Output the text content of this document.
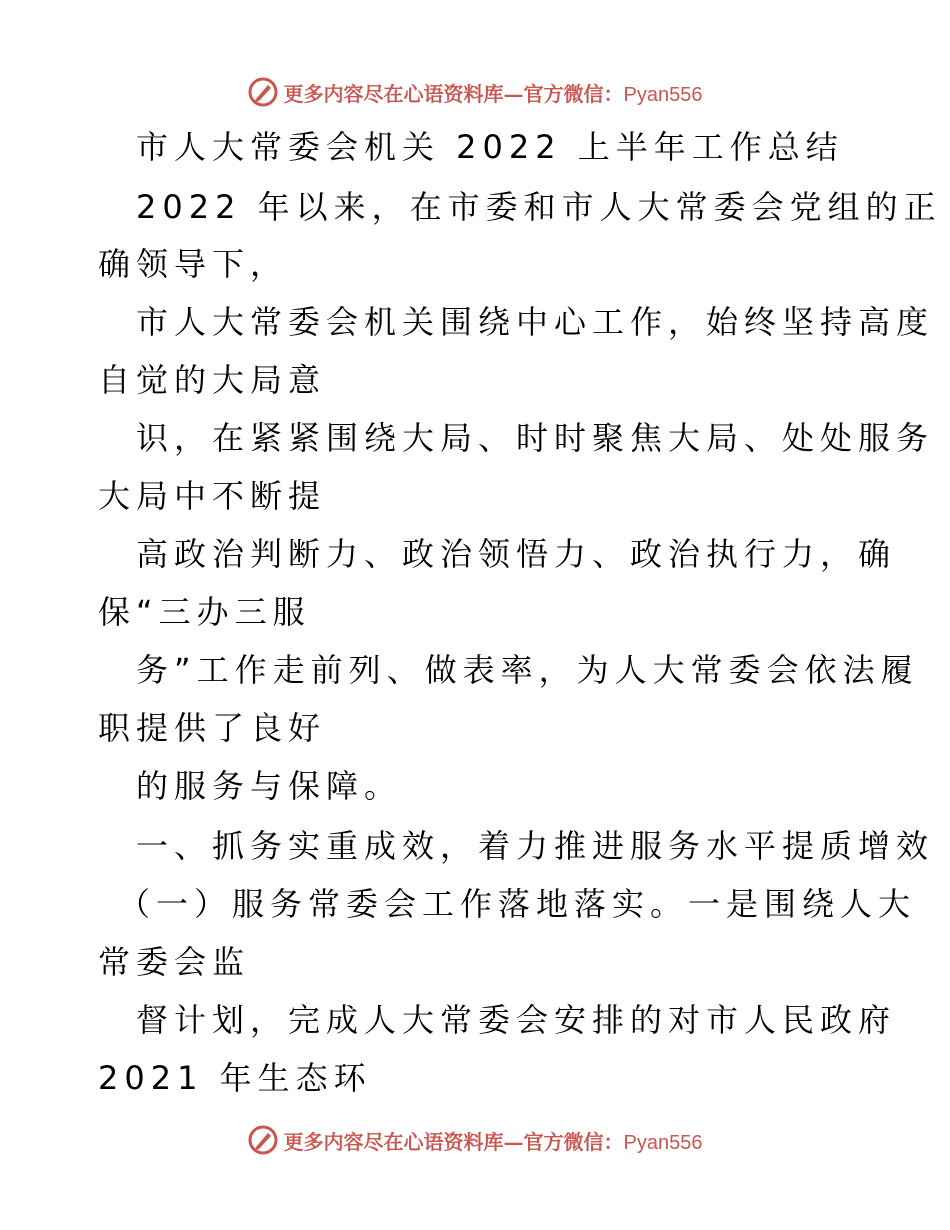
更多内容尽在心语资料库—官方微信：Pyan556
市人大常委会机关 2022 上半年工作总结
2022 年以来，在市委和市人大常委会党组的正
确领导下，
市人大常委会机关围绕中心工作，始终坚持高度
自觉的大局意
识，在紧紧围绕大局、时时聚焦大局、处处服务
大局中不断提
高政治判断力、政治领悟力、政治执行力，确
保“三办三服
务”工作走前列、做表率，为人大常委会依法履
职提供了良好
的服务与保障。
一、抓务实重成效，着力推进服务水平提质增效
（一）服务常委会工作落地落实。一是围绕人大
常委会监
督计划，完成人大常委会安排的对市人民政府
2021 年生态环
更多内容尽在心语资料库—官方微信：Pyan556
